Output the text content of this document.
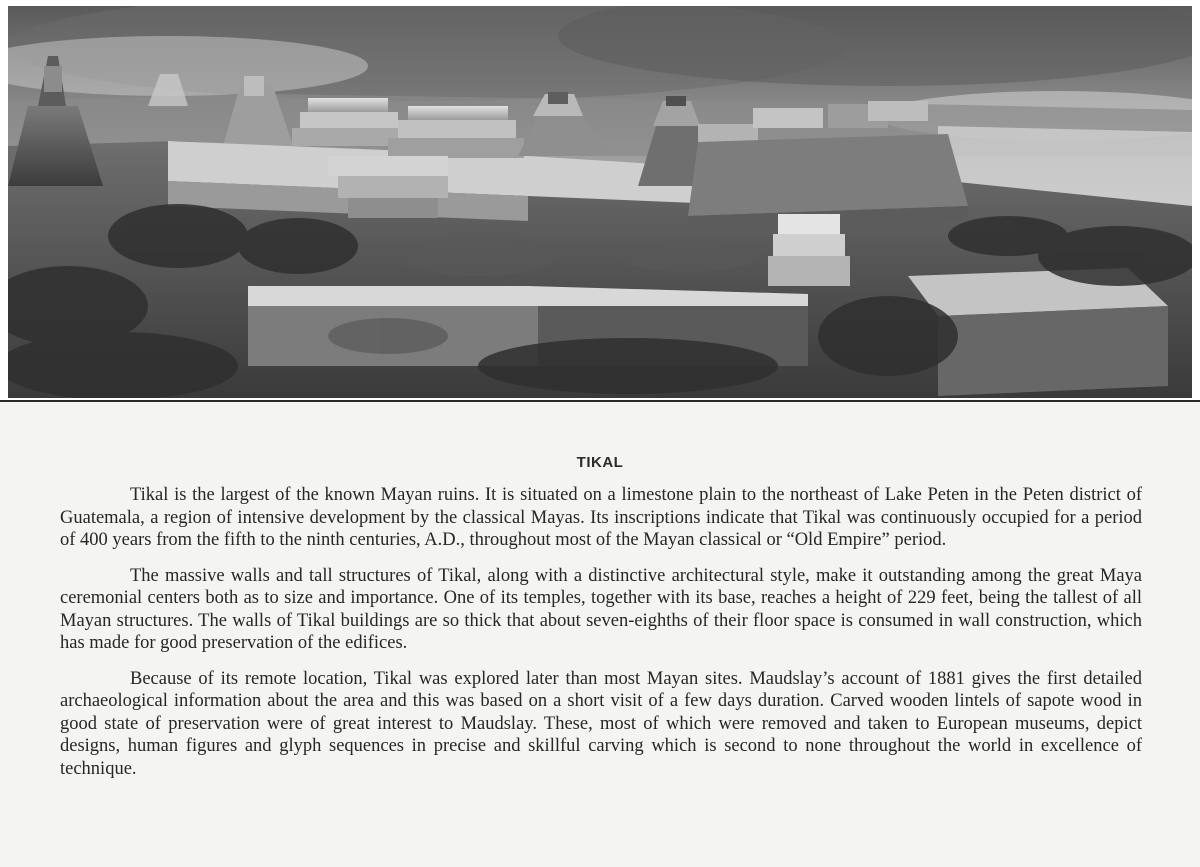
TIKAL

Tikal is the largest of the known Mayan ruins. It is situated on a limestone plain to the northeast of Lake Peten in the Peten district of Guatemala, a region of intensive development by the classical Mayas. Its inscriptions indicate that Tikal was continuously occupied for a period of 400 years from the fifth to the ninth centuries, A.D., throughout most of the Mayan classical or “Old Empire” period.

The massive walls and tall structures of Tikal, along with a distinctive architectural style, make it outstanding among the great Maya ceremonial centers both as to size and importance. One of its temples, together with its base, reaches a height of 229 feet, being the tallest of all Mayan structures. The walls of Tikal buildings are so thick that about seven-eighths of their floor space is consumed in wall construction, which has made for good preservation of the edifices.

Because of its remote location, Tikal was explored later than most Mayan sites. Maudslay’s account of 1881 gives the first detailed archaeological information about the area and this was based on a short visit of a few days duration. Carved wooden lintels of sapote wood in good state of preservation were of great interest to Maudslay. These, most of which were removed and taken to European museums, depict designs, human figures and glyph sequences in precise and skillful carving which is second to none throughout the world in excellence of technique.
